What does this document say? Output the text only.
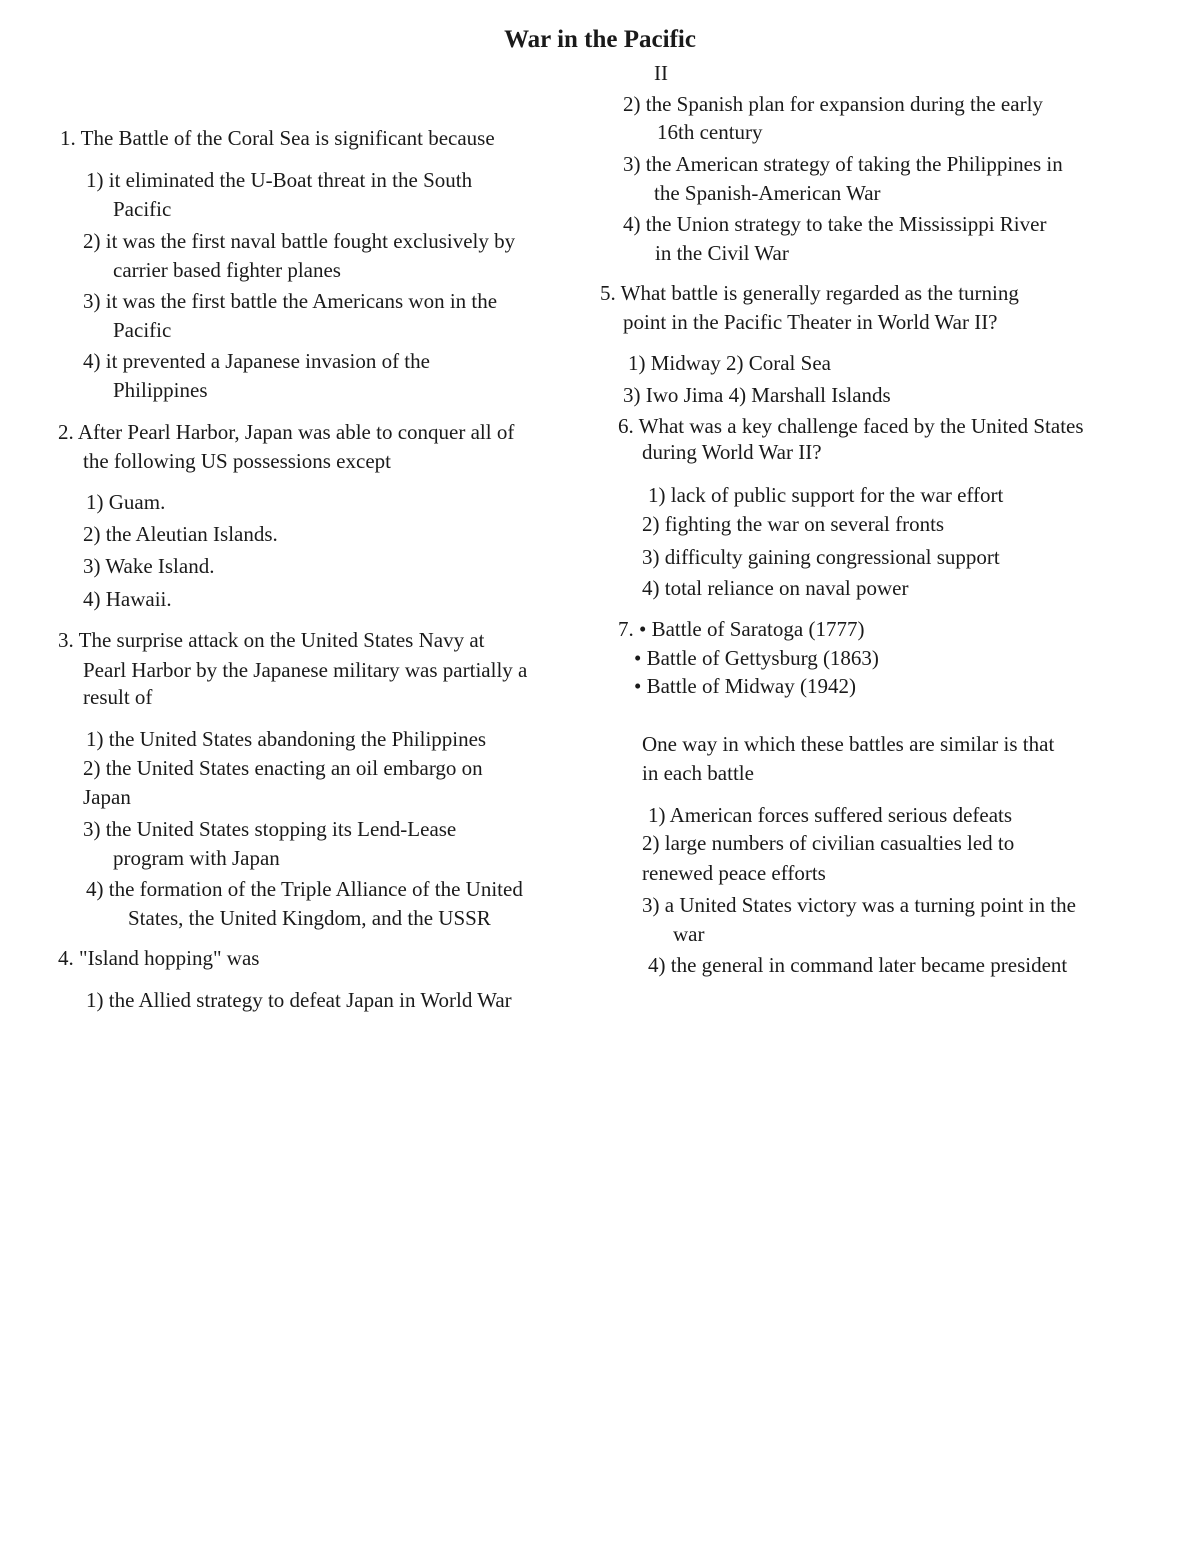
War in the Pacific
1. The Battle of the Coral Sea is significant because
1) it eliminated the U-Boat threat in the South
Pacific
2) it was the first naval battle fought exclusively by
carrier based fighter planes
3) it was the first battle the Americans won in the
Pacific
4) it prevented a Japanese invasion of the
Philippines
2. After Pearl Harbor, Japan was able to conquer all of
the following US possessions except
1) Guam.
2) the Aleutian Islands.
3) Wake Island.
4) Hawaii.
3. The surprise attack on the United States Navy at
Pearl Harbor by the Japanese military was partially a
result of
1) the United States abandoning the Philippines
2) the United States enacting an oil embargo on
Japan
3) the United States stopping its Lend-Lease
program with Japan
4) the formation of the Triple Alliance of the United
States, the United Kingdom, and the USSR
4. "Island hopping" was
1) the Allied strategy to defeat Japan in World War
II
2) the Spanish plan for expansion during the early
16th century
3) the American strategy of taking the Philippines in
the Spanish-American War
4) the Union strategy to take the Mississippi River
in the Civil War
5. What battle is generally regarded as the turning
point in the Pacific Theater in World War II?
1) Midway 2) Coral Sea
3) Iwo Jima 4) Marshall Islands
6. What was a key challenge faced by the United States
during World War II?
1) lack of public support for the war effort
2) fighting the war on several fronts
3) difficulty gaining congressional support
4) total reliance on naval power
7. • Battle of Saratoga (1777)
• Battle of Gettysburg (1863)
• Battle of Midway (1942)
One way in which these battles are similar is that
in each battle
1) American forces suffered serious defeats
2) large numbers of civilian casualties led to
renewed peace efforts
3) a United States victory was a turning point in the
war
4) the general in command later became president
